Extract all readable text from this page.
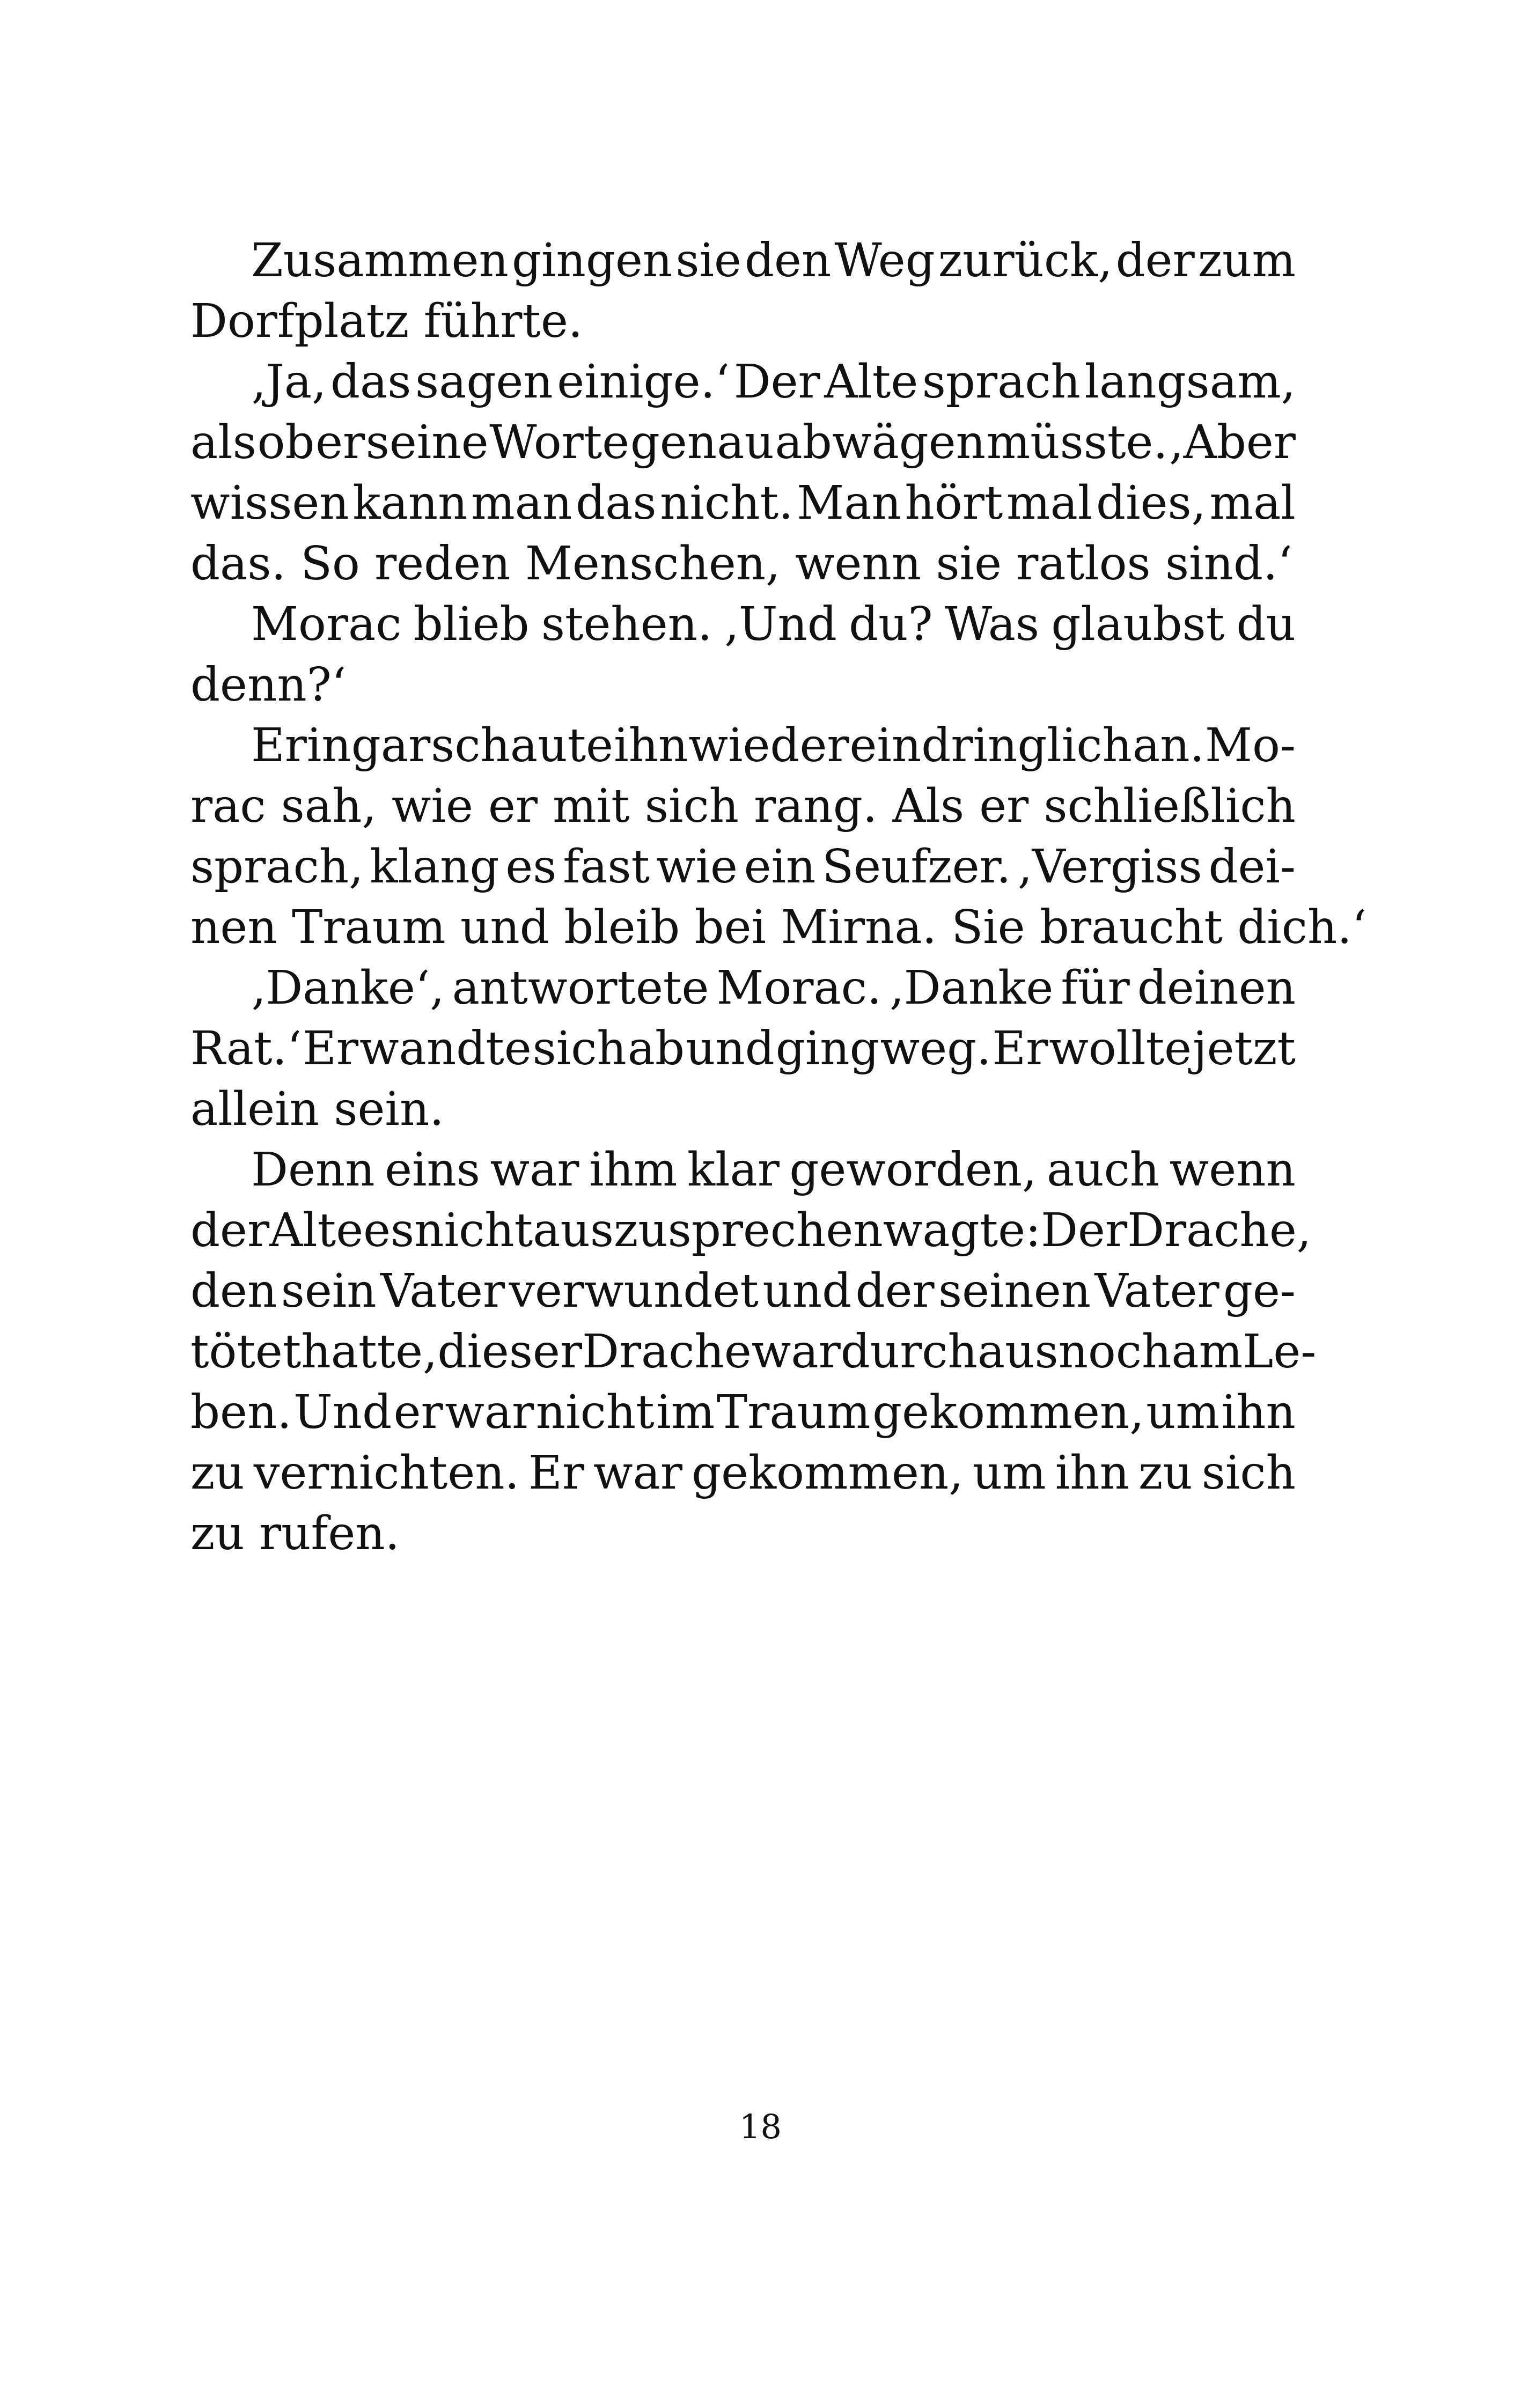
Zusammen gingen sie den Weg zurück, der zum
Dorfplatz führte.
‚Ja, das sagen einige.‘ Der Alte sprach langsam,
als ob er seine Worte genau abwägen müsste. ‚Aber
wissen kann man das nicht. Man hört mal dies, mal
das. So reden Menschen, wenn sie ratlos sind.‘
Morac blieb stehen. ‚Und du? Was glaubst du
denn?‘
Eringar schaute ihn wieder eindringlich an. Mo-
rac sah, wie er mit sich rang. Als er schließlich
sprach, klang es fast wie ein Seufzer. ‚Vergiss dei-
nen Traum und bleib bei Mirna. Sie braucht dich.‘
‚Danke‘, antwortete Morac. ‚Danke für deinen
Rat.‘ Er wandte sich ab und ging weg. Er wollte jetzt
allein sein.
Denn eins war ihm klar geworden, auch wenn
der Alte es nicht auszusprechen wagte: Der Drache,
den sein Vater verwundet und der seinen Vater ge-
tötet hatte, dieser Drache war durchaus noch am Le-
ben. Und er war nicht im Traum gekommen, um ihn
zu vernichten. Er war gekommen, um ihn zu sich
zu rufen.
18
